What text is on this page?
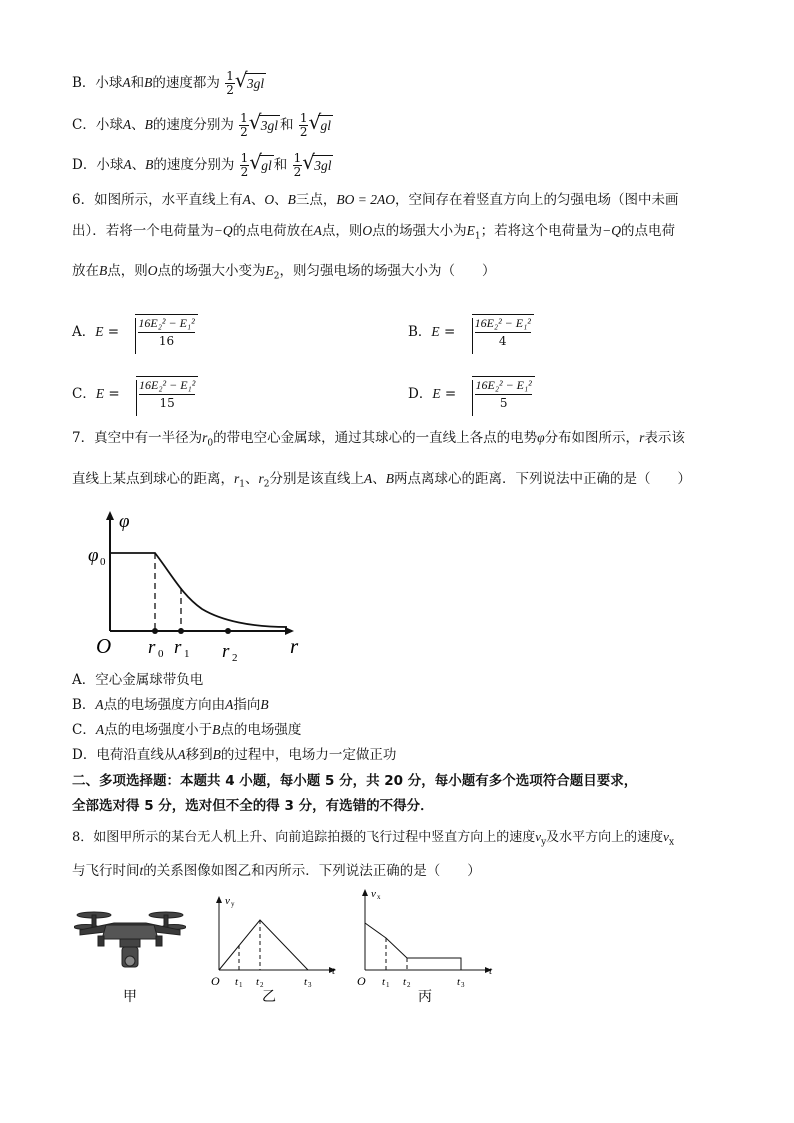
B．小球A和B的速度都为 $\frac{1}{2}$ √ 3gl
C．小球A、B的速度分别为 $\frac{1}{2}$ √ 3gl 和 $\frac{1}{2}$ √ gl
D．小球A、B的速度分别为 $\frac{1}{2}$ √ gl 和 $\frac{1}{2}$ √ 3gl
6．如图所示，水平直线上有A、O、B三点，BO = 2AO，空间存在着竖直方向上的匀强电场（图中未画
出）．若将一个电荷量为−Q的点电荷放在A点，则O点的场强大小为$E_1$；若将这个电荷量为−Q的点电荷
放在B点，则O点的场强大小变为$E_2$，则匀强电场的场强大小为（　　）
A．$E = \frac{\text{16E₂² − E₁²}}{16}$	B．$E = \frac{\text{16E₂² − E₁²}}{4}$
C．$E = \frac{\text{16E₂² − E₁²}}{15}$	D．$E = \frac{\text{16E₂² − E₁²}}{5}$
7．真空中有一半径为$r_0$的带电空心金属球，通过其球心的一直线上各点的电势φ分布如图所示，r表示该
直线上某点到球心的距离，$r_1$、$r_2$分别是该直线上A、B两点离球心的距离．下列说法中正确的是（　　）
φ
φ 0
O r 0 r 1 r 2	r
A．空心金属球带负电
B．A点的电场强度方向由A指向B
C．A点的电场强度小于B点的电场强度
D．电荷沿直线从A移到B的过程中，电场力一定做正功
二、多项选择题：本题共 4 小题，每小题 5 分，共 20 分，每小题有多个选项符合题目要求，
全部选对得 5 分，选对但不全的得 3 分，有选错的不得分．
8．如图甲所示的某台无人机上升、向前追踪拍摄的飞行过程中竖直方向上的速度$v_y$及水平方向上的速度$v_x$
与飞行时间t的关系图像如图乙和丙所示．下列说法正确的是（　　）
甲
v y
O t 1 t 2	t 3
t
乙
v x
O t 1 t 2	t 3
t
丙
